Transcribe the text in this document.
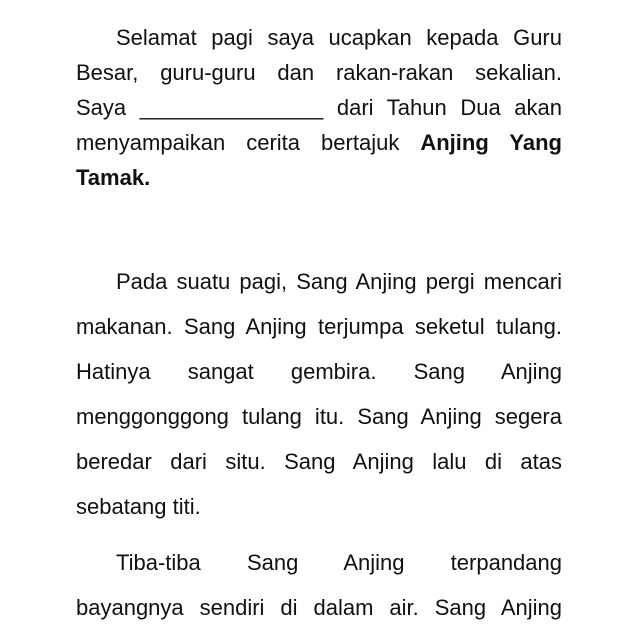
Selamat pagi saya ucapkan kepada Guru
Besar, guru-guru dan rakan-rakan sekalian.
Saya _______________ dari Tahun Dua akan
menyampaikan cerita bertajuk Anjing Yang
Tamak.
Pada suatu pagi, Sang Anjing pergi mencari
makanan. Sang Anjing terjumpa seketul tulang.
Hatinya sangat gembira. Sang Anjing
menggonggong tulang itu. Sang Anjing segera
beredar dari situ. Sang Anjing lalu di atas
sebatang titi.
Tiba-tiba Sang Anjing terpandang
bayangnya sendiri di dalam air. Sang Anjing
